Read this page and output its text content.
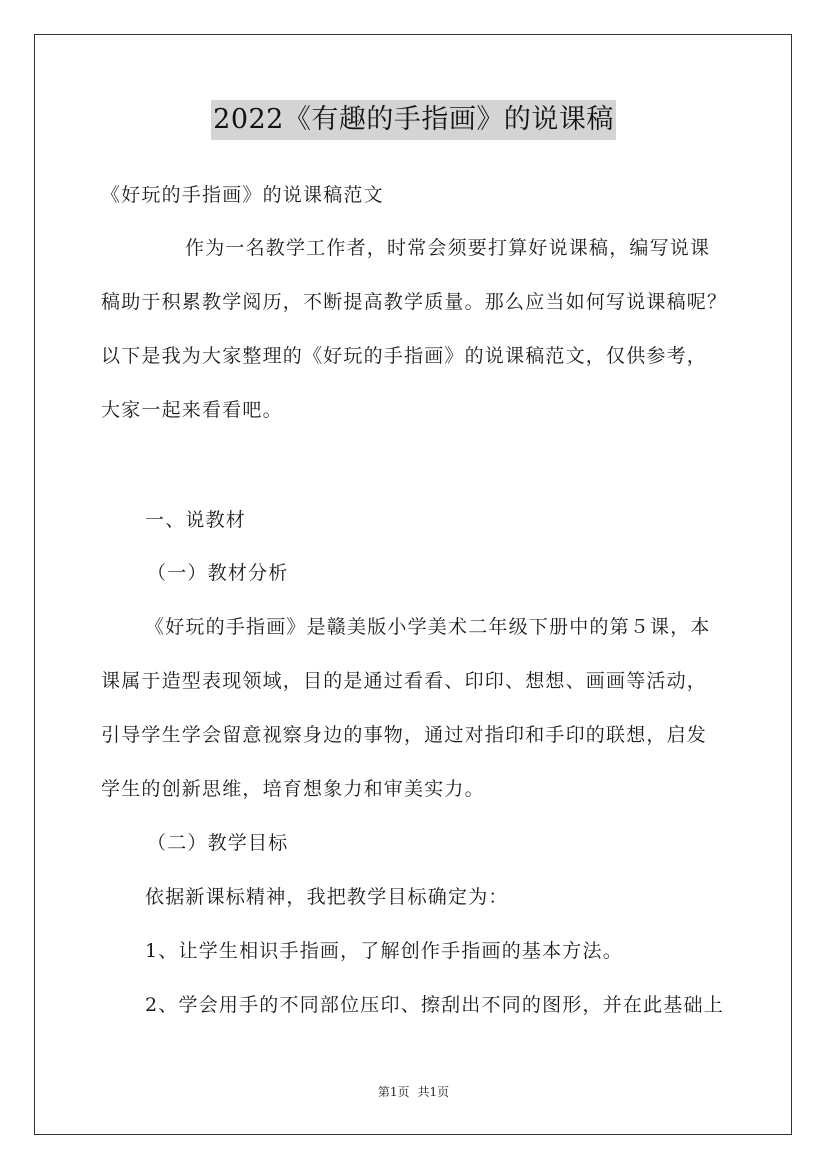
2022《有趣的手指画》的说课稿
《好玩的手指画》的说课稿范文
作为一名教学工作者，时常会须要打算好说课稿，编写说课
稿助于积累教学阅历，不断提高教学质量。那么应当如何写说课稿呢？
以下是我为大家整理的《好玩的手指画》的说课稿范文，仅供参考，
大家一起来看看吧。
一、说教材
（一）教材分析
《好玩的手指画》是赣美版小学美术二年级下册中的第５课，本
课属于造型表现领域，目的是通过看看、印印、想想、画画等活动，
引导学生学会留意视察身边的事物，通过对指印和手印的联想，启发
学生的创新思维，培育想象力和审美实力。
（二）教学目标
依据新课标精神，我把教学目标确定为：
1、让学生相识手指画，了解创作手指画的基本方法。
2、学会用手的不同部位压印、擦刮出不同的图形，并在此基础上
第1页 共1页
